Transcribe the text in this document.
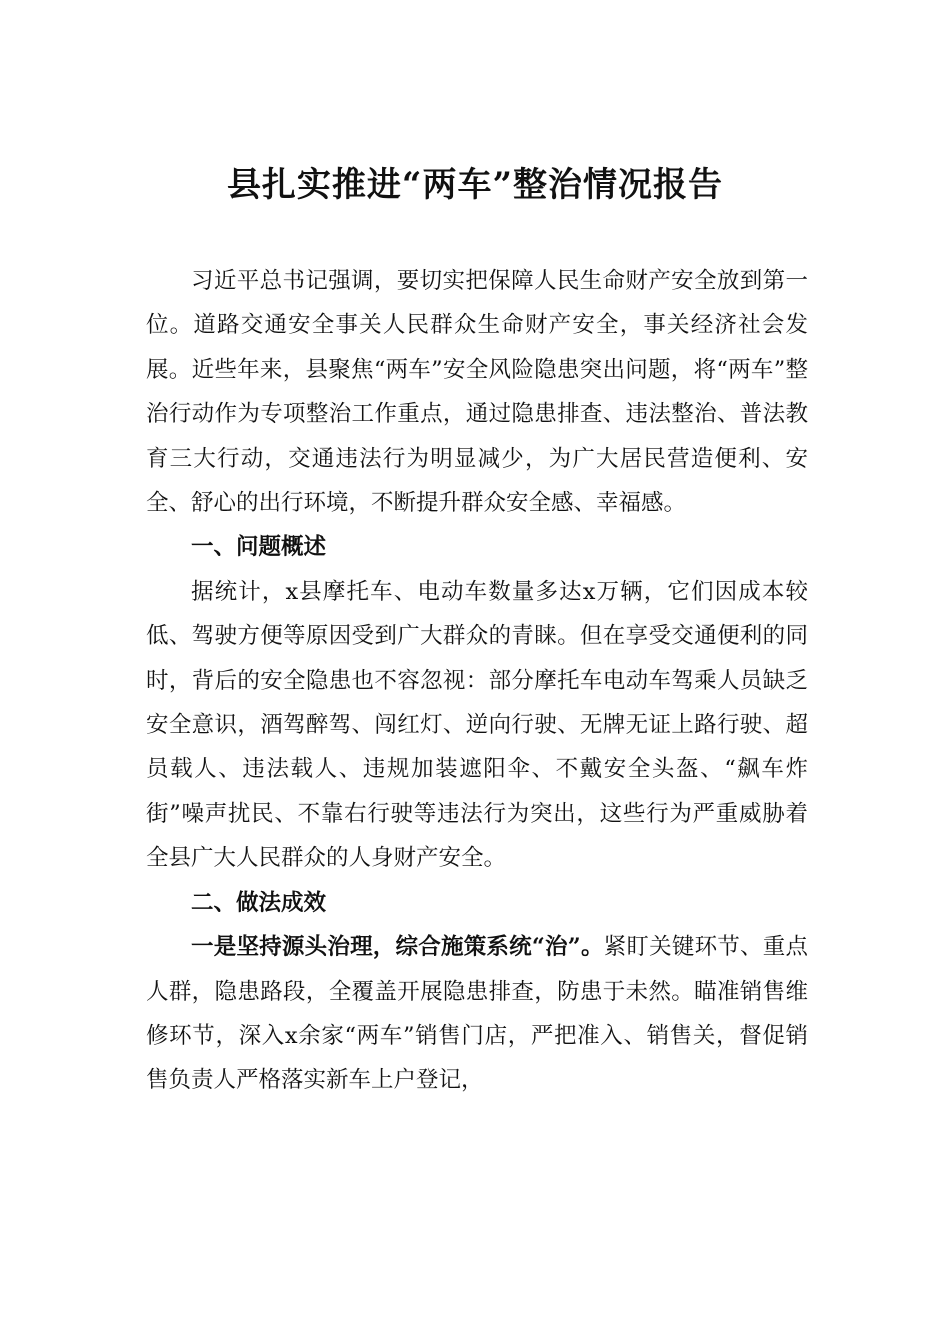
县扎实推进“两车”整治情况报告

习近平总书记强调，要切实把保障人民生命财产安全放到第一位。道路交通安全事关人民群众生命财产安全，事关经济社会发展。近些年来，县聚焦“两车”安全风险隐患突出问题，将“两车”整治行动作为专项整治工作重点，通过隐患排查、违法整治、普法教育三大行动，交通违法行为明显减少，为广大居民营造便利、安全、舒心的出行环境，不断提升群众安全感、幸福感。

一、问题概述

据统计，x县摩托车、电动车数量多达x万辆，它们因成本较低、驾驶方便等原因受到广大群众的青睐。但在享受交通便利的同时，背后的安全隐患也不容忽视：部分摩托车电动车驾乘人员缺乏安全意识，酒驾醉驾、闯红灯、逆向行驶、无牌无证上路行驶、超员载人、违法载人、违规加装遮阳伞、不戴安全头盔、“飙车炸街”噪声扰民、不靠右行驶等违法行为突出，这些行为严重威胁着全县广大人民群众的人身财产安全。

二、做法成效

一是坚持源头治理，综合施策系统“治”。紧盯关键环节、重点人群，隐患路段，全覆盖开展隐患排查，防患于未然。瞄准销售维修环节，深入x余家“两车”销售门店，严把准入、销售关，督促销售负责人严格落实新车上户登记，
